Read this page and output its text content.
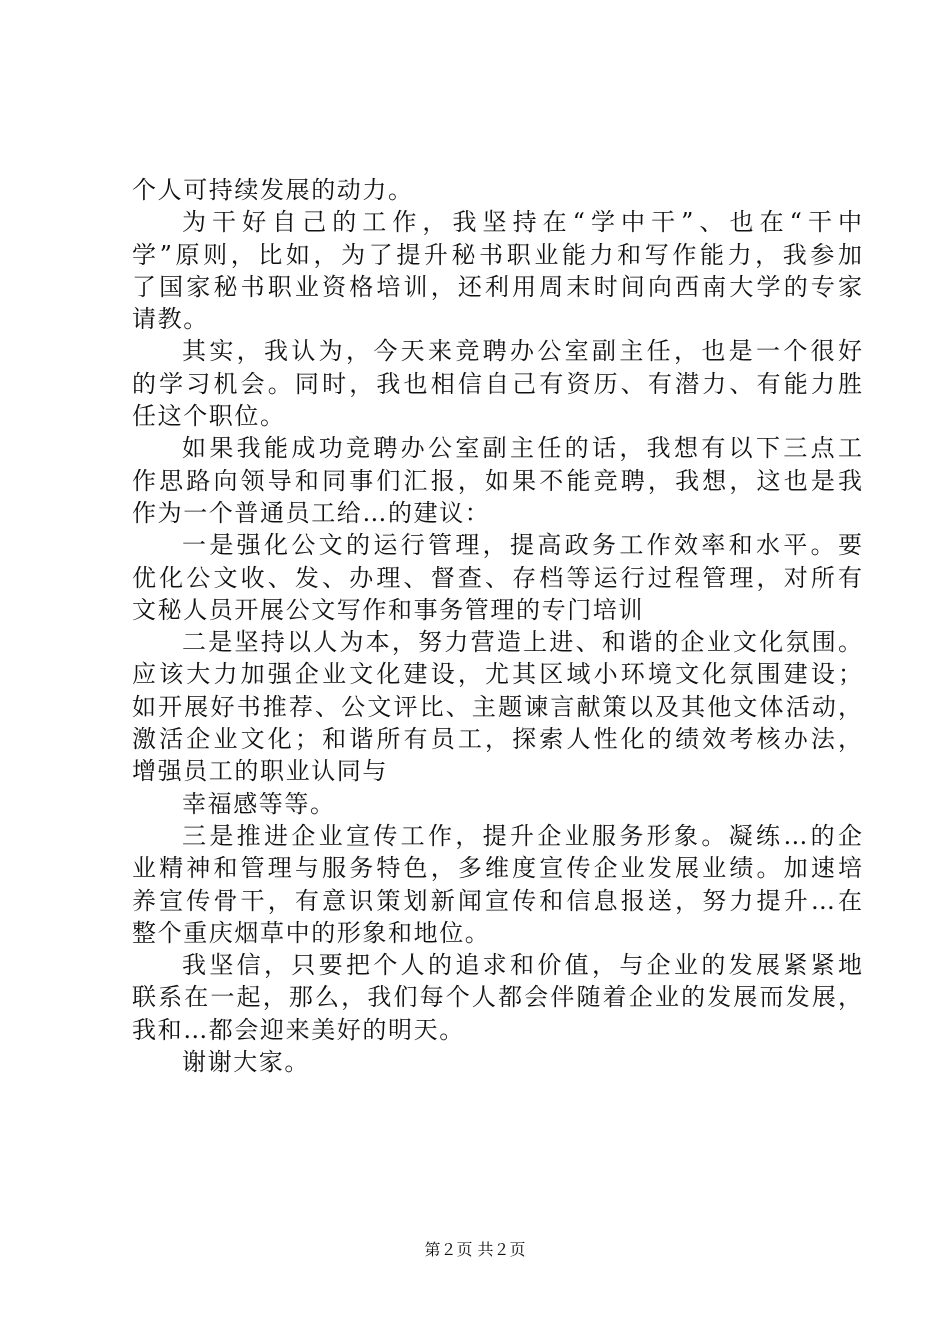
个人可持续发展的动力。
为干好自己的工作，我坚持在“学中干”、也在“干中
学”原则，比如，为了提升秘书职业能力和写作能力，我参加
了国家秘书职业资格培训，还利用周末时间向西南大学的专家
请教。
其实，我认为，今天来竞聘办公室副主任，也是一个很好
的学习机会。同时，我也相信自己有资历、有潜力、有能力胜
任这个职位。
如果我能成功竞聘办公室副主任的话，我想有以下三点工
作思路向领导和同事们汇报，如果不能竞聘，我想，这也是我
作为一个普通员工给…的建议：
一是强化公文的运行管理，提高政务工作效率和水平。要
优化公文收、发、办理、督查、存档等运行过程管理，对所有
文秘人员开展公文写作和事务管理的专门培训
二是坚持以人为本，努力营造上进、和谐的企业文化氛围。
应该大力加强企业文化建设，尤其区域小环境文化氛围建设；
如开展好书推荐、公文评比、主题谏言献策以及其他文体活动，
激活企业文化；和谐所有员工，探索人性化的绩效考核办法，
增强员工的职业认同与
幸福感等等。
三是推进企业宣传工作，提升企业服务形象。凝练…的企
业精神和管理与服务特色，多维度宣传企业发展业绩。加速培
养宣传骨干，有意识策划新闻宣传和信息报送，努力提升…在
整个重庆烟草中的形象和地位。
我坚信，只要把个人的追求和价值，与企业的发展紧紧地
联系在一起，那么，我们每个人都会伴随着企业的发展而发展，
我和…都会迎来美好的明天。
谢谢大家。
第２页 共２页
